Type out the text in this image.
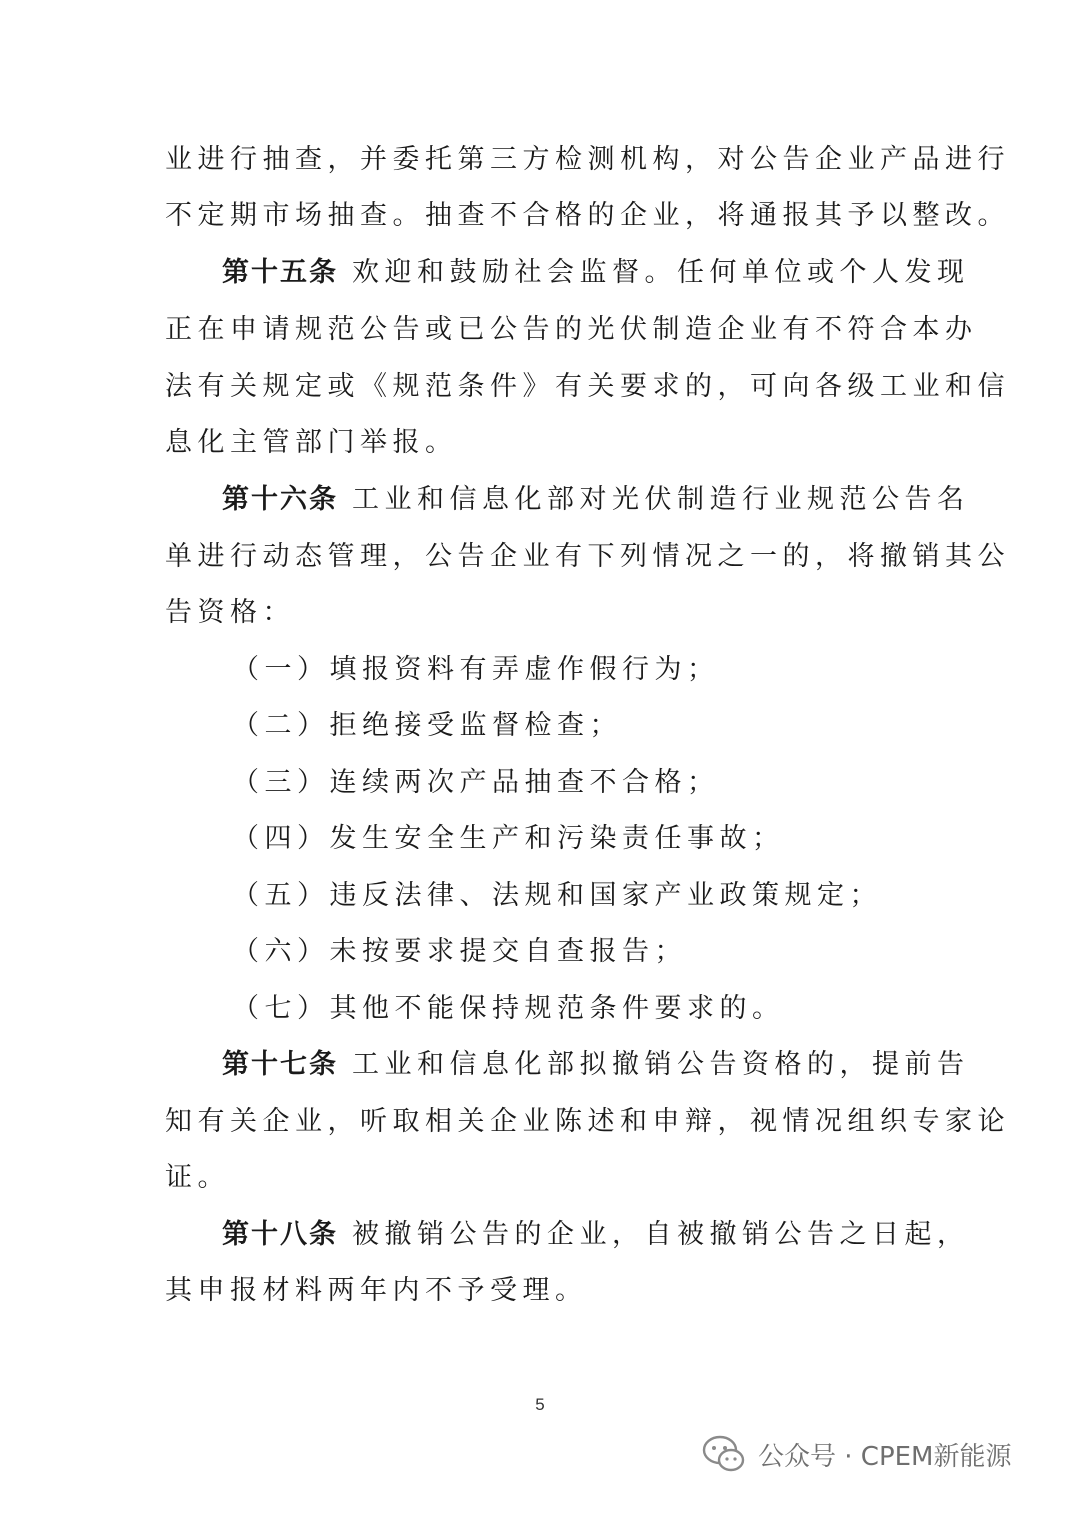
业进行抽查，并委托第三方检测机构，对公告企业产品进行
不定期市场抽查。抽查不合格的企业，将通报其予以整改。
第十五条 欢迎和鼓励社会监督。任何单位或个人发现
正在申请规范公告或已公告的光伏制造企业有不符合本办
法有关规定或《规范条件》有关要求的，可向各级工业和信
息化主管部门举报。
第十六条 工业和信息化部对光伏制造行业规范公告名
单进行动态管理，公告企业有下列情况之一的，将撤销其公
告资格：
（一）填报资料有弄虚作假行为；
（二）拒绝接受监督检查；
（三）连续两次产品抽查不合格；
（四）发生安全生产和污染责任事故；
（五）违反法律、法规和国家产业政策规定；
（六）未按要求提交自查报告；
（七）其他不能保持规范条件要求的。
第十七条 工业和信息化部拟撤销公告资格的，提前告
知有关企业，听取相关企业陈述和申辩，视情况组织专家论
证。
第十八条 被撤销公告的企业，自被撤销公告之日起，
其申报材料两年内不予受理。
5
公众号 · CPEM新能源
